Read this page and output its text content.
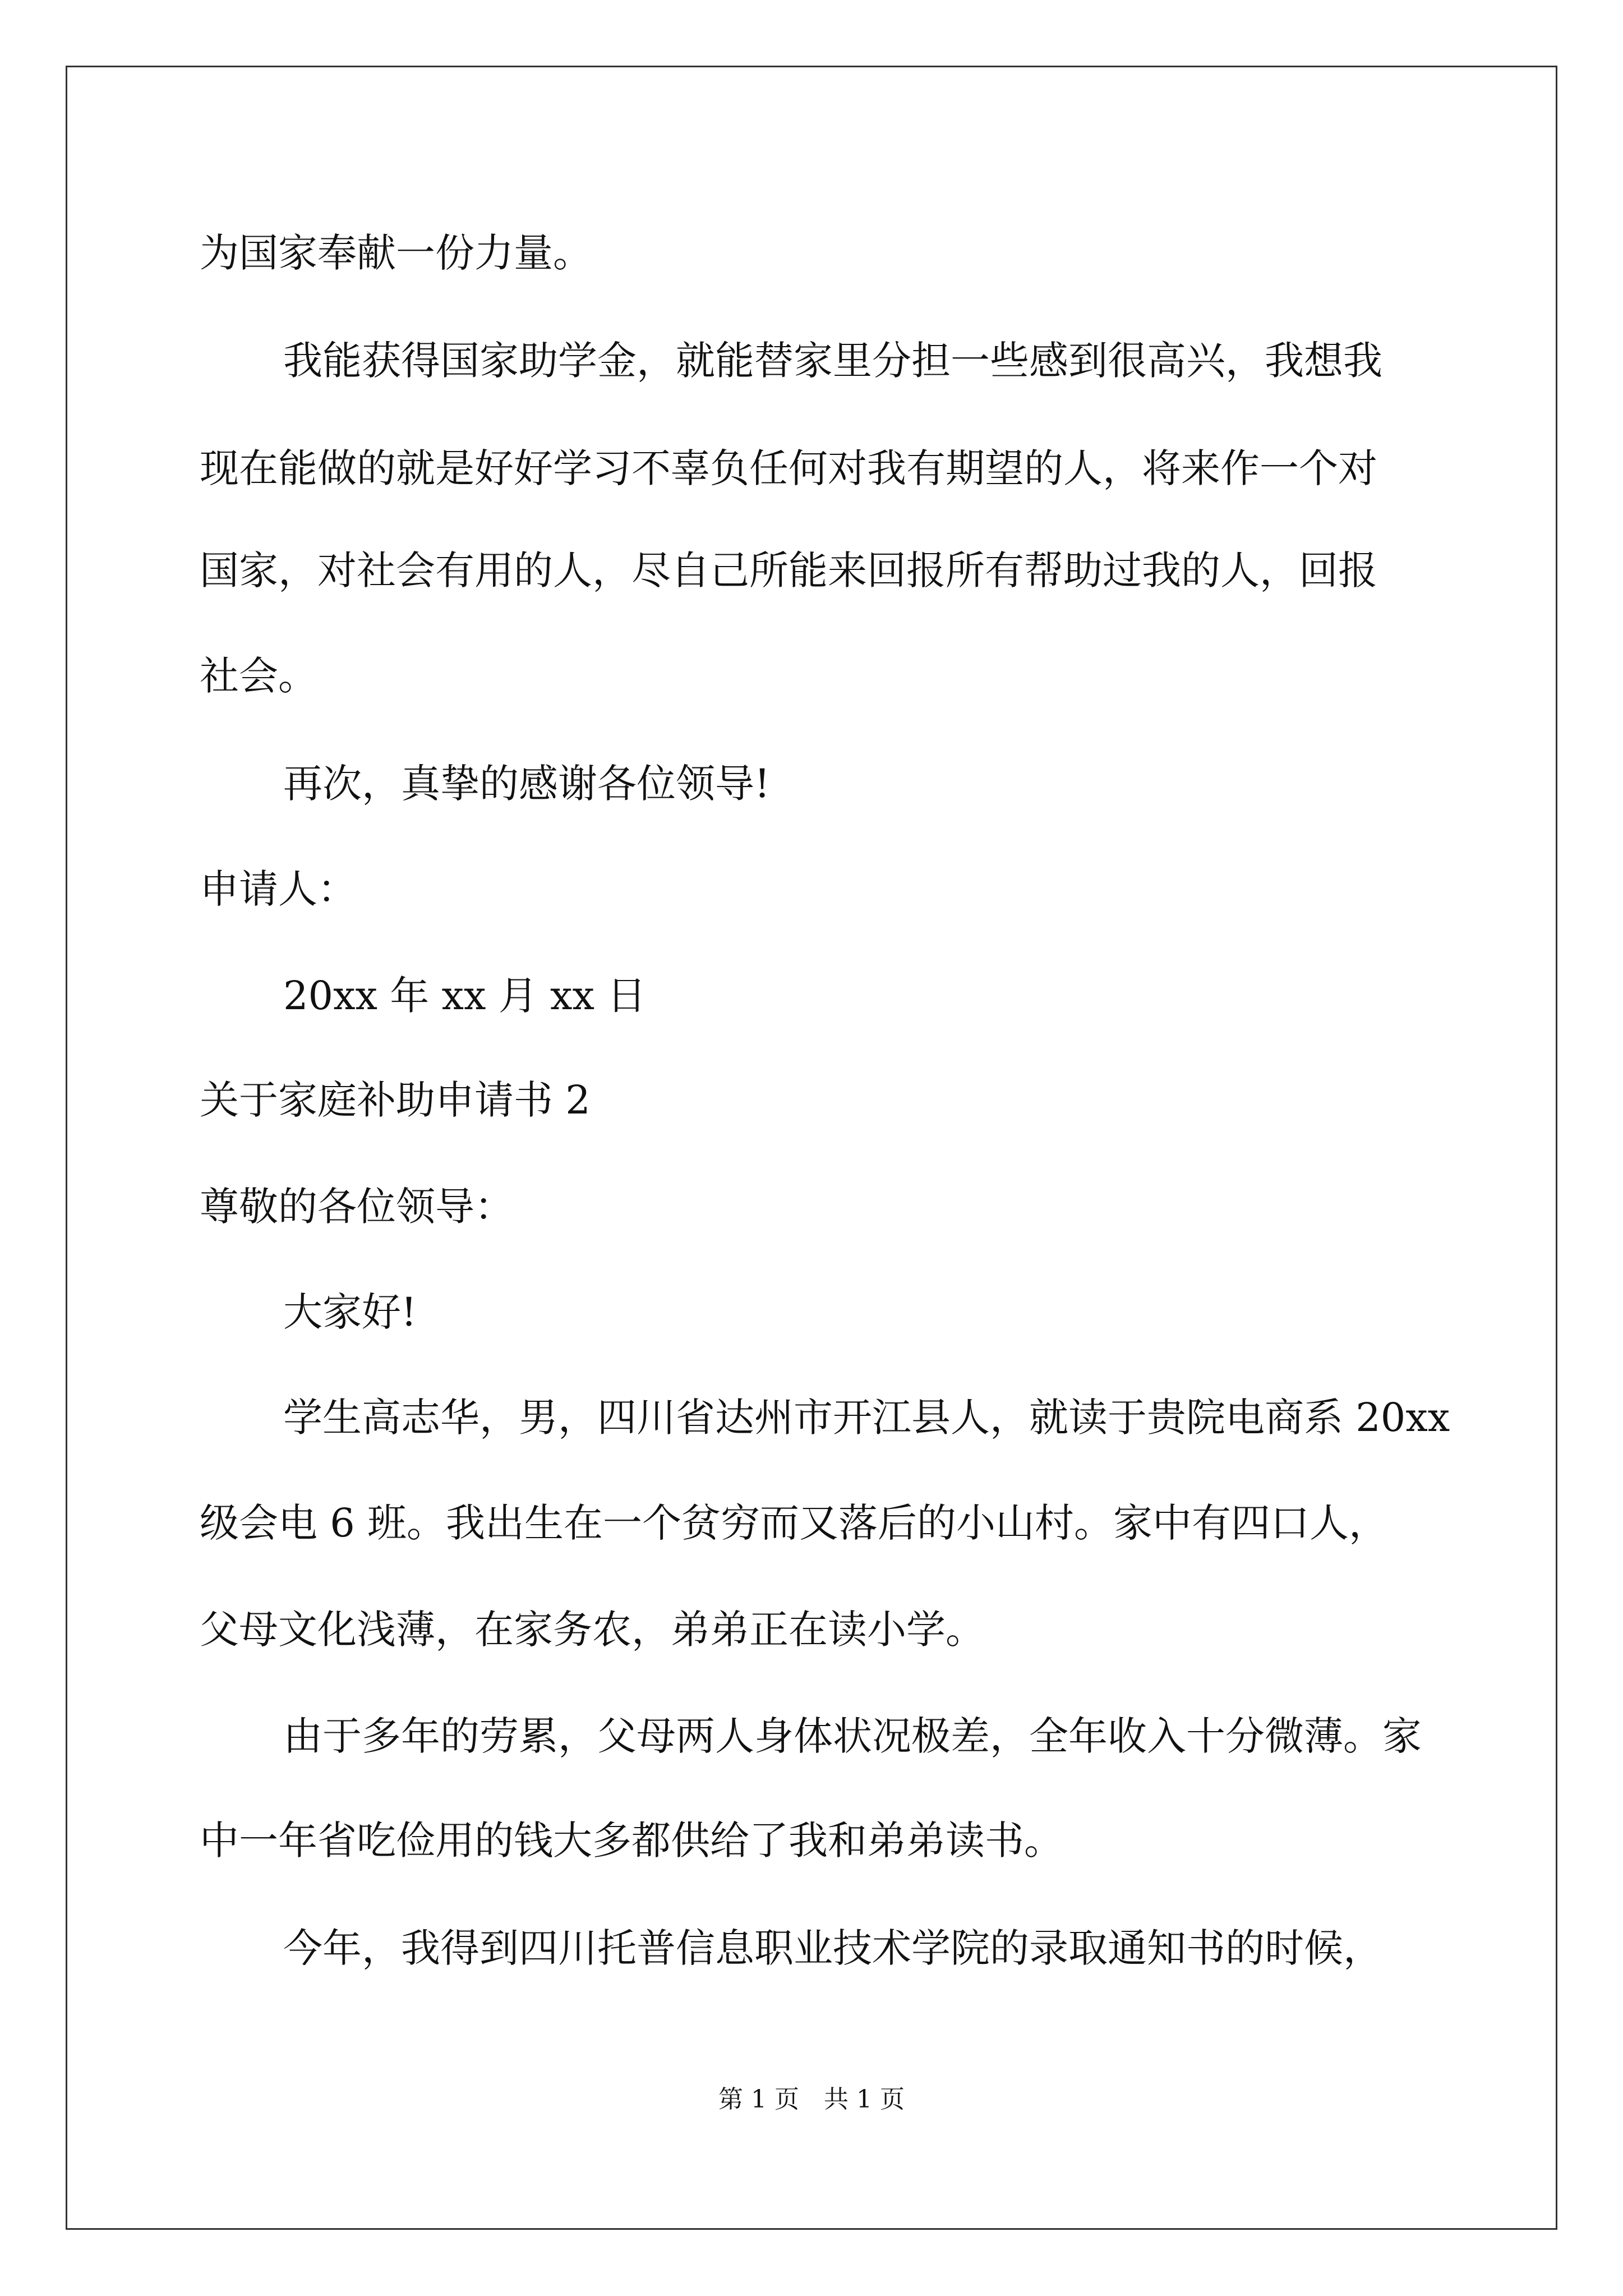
为国家奉献一份力量。
我能获得国家助学金，就能替家里分担一些感到很高兴，我想我
现在能做的就是好好学习不辜负任何对我有期望的人，将来作一个对
国家，对社会有用的人，尽自己所能来回报所有帮助过我的人，回报
社会。
再次，真挚的感谢各位领导!
申请人：
20xx 年 xx 月 xx 日
关于家庭补助申请书 2
尊敬的各位领导：
大家好!
学生高志华，男，四川省达州市开江县人，就读于贵院电商系 20xx
级会电 6 班。我出生在一个贫穷而又落后的小山村。家中有四口人，
父母文化浅薄，在家务农，弟弟正在读小学。
由于多年的劳累，父母两人身体状况极差，全年收入十分微薄。家
中一年省吃俭用的钱大多都供给了我和弟弟读书。
今年，我得到四川托普信息职业技术学院的录取通知书的时候，
第 1 页　共 1 页
